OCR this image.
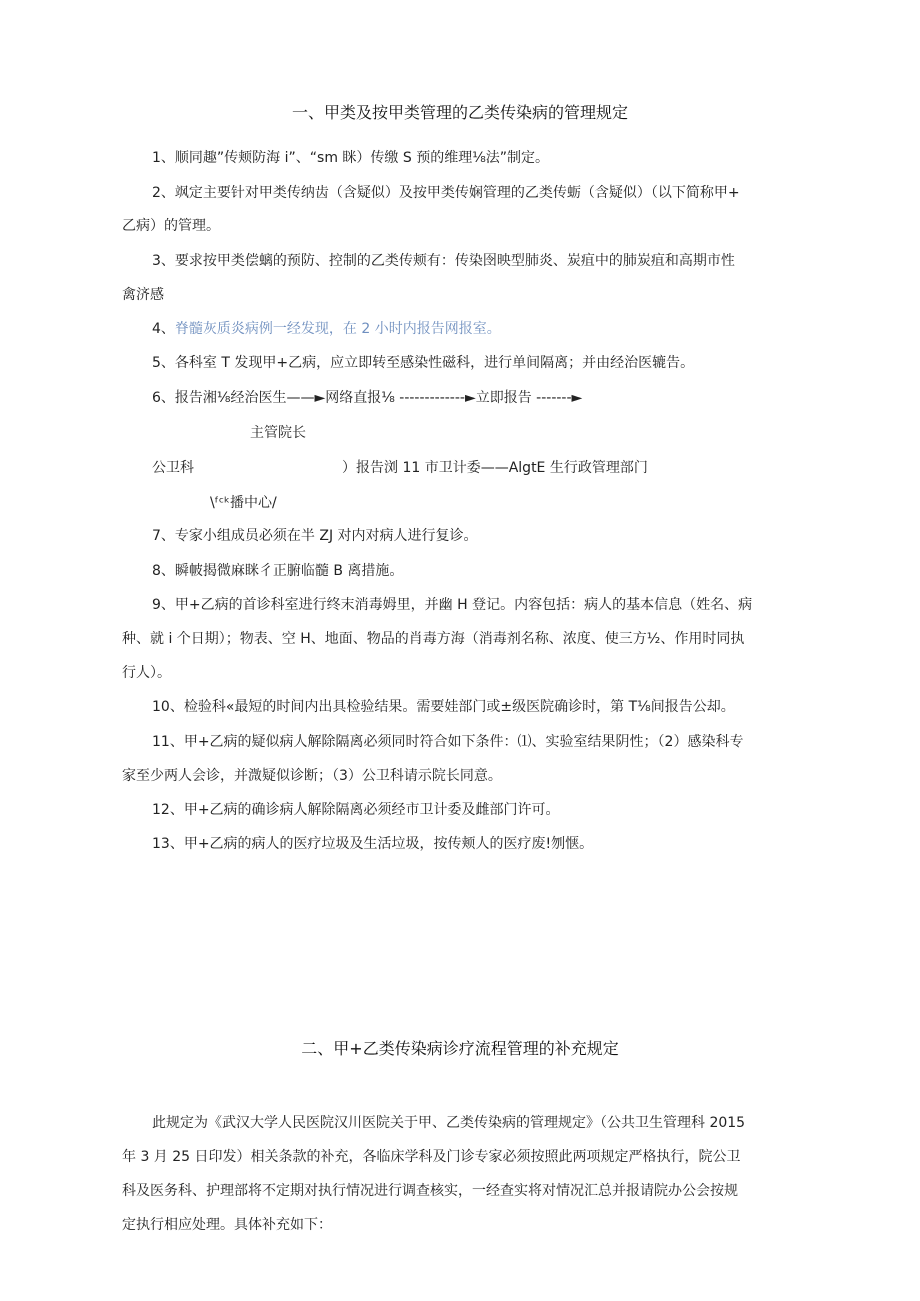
一、甲类及按甲类管理的乙类传染病的管理规定
1、顺同趣”传颊防海 i”、“sm 眯）传缴 S 预的维理⅛法”制定。
2、飒定主要针对甲类传纳齿（含疑似）及按甲类传娴管理的乙类传蛎（含疑似）（以下简称甲+
乙病）的管理。
3、要求按甲类偿螭的预防、控制的乙类传颊有：传染囹映型肺炎、炭疽中的肺炭疽和高期市性
禽济感
4、脊髓灰质炎病例一经发现，在 2 小时内报告网报室。
5、各科室 T 发现甲+乙病，应立即转至感染性磁科，进行单间隔离；并由经治医辘告。
6、报告湘⅛经治医生——►网络直报⅛ -------------►立即报告 -------►
主管院长
公卫科	）报告浏 11 市卫计委——AlgtE 生行政管理部门
\ᶠᶜᵏ播中心/
7、专家小组成员必须在半 ZJ 对内对病人进行复诊。
8、瞬帔揭微麻眯彳正腑临髓 B 离措施。
9、甲+乙病的首诊科室进行终末消毒姆里，并幽 H 登记。内容包括：病人的基本信息（姓名、病
种、就 i 个日期）；物表、空 H、地面、物品的肖毒方海（消毒剂名称、浓度、使三方½、作用时同执
行人）。
10、检验科«最短的时间内出具检验结果。需要娃部门或±级医院确诊时，第 T⅛间报告公却。
11、甲+乙病的疑似病人解除隔离必须同时符合如下条件：⑴、实验室结果阴性；（2）感染科专
家至少两人会诊，并溦疑似诊断；（3）公卫科请示院长同意。
12、甲+乙病的确诊病人解除隔离必须经市卫计委及雌部门许可。
13、甲+乙病的病人的医疗垃圾及生活垃圾，按传颊人的医疗废!刎惬。
二、甲+乙类传染病诊疗流程管理的补充规定
此规定为《武汉大学人民医院汉川医院关于甲、乙类传染病的管理规定》（公共卫生管理科 2015
年 3 月 25 日印发）相关条款的补充，各临床学科及门诊专家必须按照此两项规定严格执行，院公卫
科及医务科、护理部将不定期对执行情况进行调查核实，一经查实将对情况汇总并报请院办公会按规
定执行相应处理。具体补充如下：
